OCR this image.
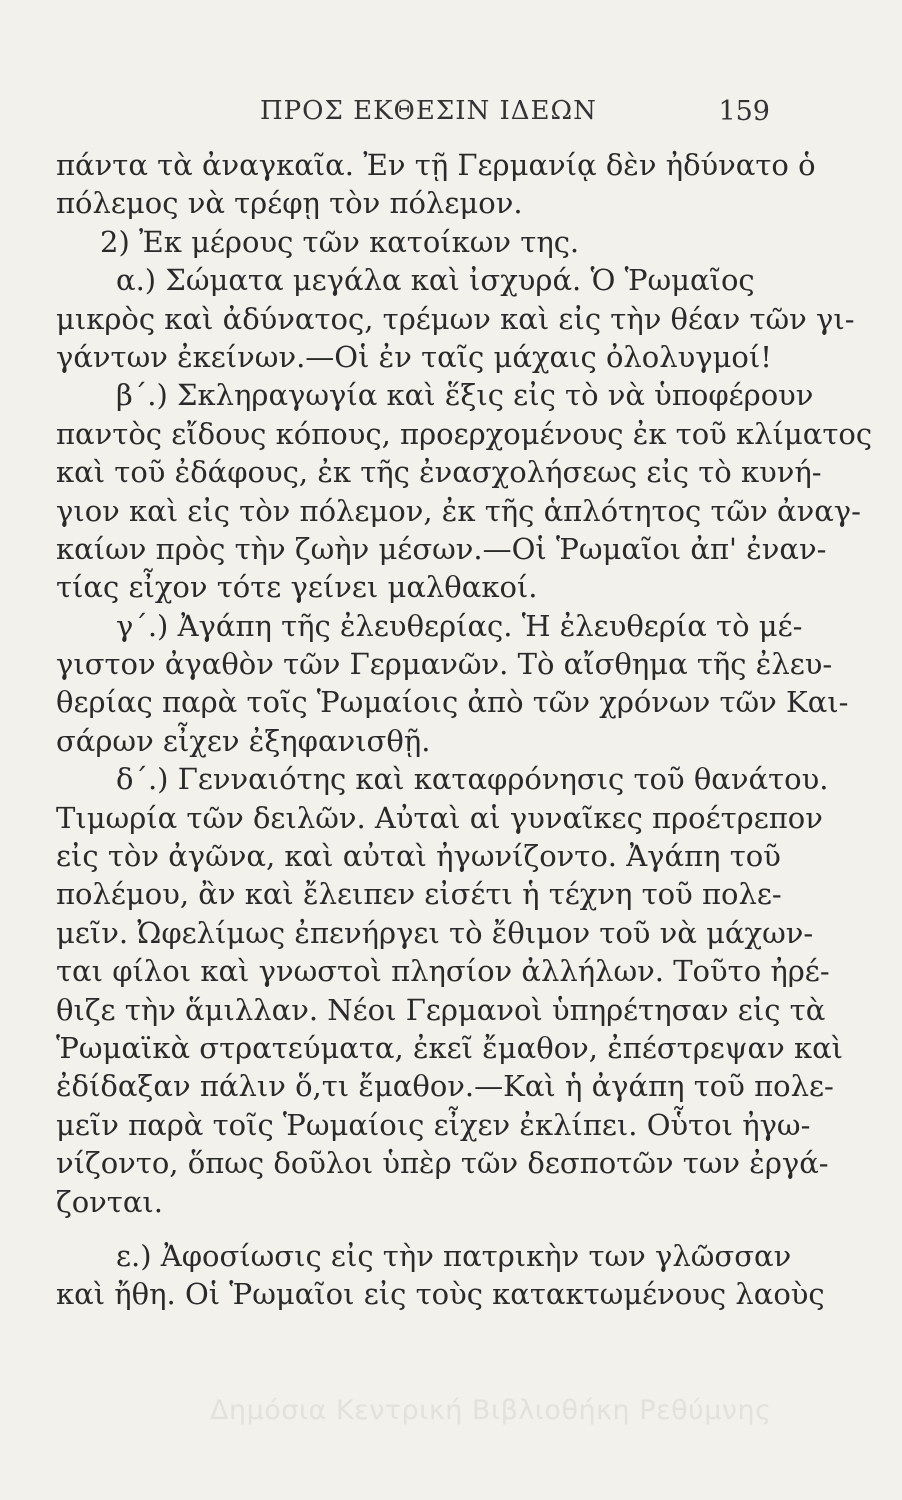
ΠΡΟΣ ΕΚΘΕΣΙΝ ΙΔΕΩΝ	159
πάντα τὰ ἀναγκαῖα. Ἐν τῇ Γερμανίᾳ δὲν ἠδύνατο ὁ
πόλεμος νὰ τρέφῃ τὸν πόλεμον.
2) Ἐκ μέρους τῶν κατοίκων της.
α.) Σώματα μεγάλα καὶ ἰσχυρά. Ὁ Ῥωμαῖος
μικρὸς καὶ ἀδύνατος, τρέμων καὶ εἰς τὴν θέαν τῶν γι-
γάντων ἐκείνων.—Οἱ ἐν ταῖς μάχαις ὀλολυγμοί!
β΄.) Σκληραγωγία καὶ ἕξις εἰς τὸ νὰ ὑποφέρουν
παντὸς εἴδους κόπους, προερχομένους ἐκ τοῦ κλίματος
καὶ τοῦ ἐδάφους, ἐκ τῆς ἐνασχολήσεως εἰς τὸ κυνή-
γιον καὶ εἰς τὸν πόλεμον, ἐκ τῆς ἁπλότητος τῶν ἀναγ-
καίων πρὸς τὴν ζωὴν μέσων.—Οἱ Ῥωμαῖοι ἀπ' ἐναν-
τίας εἶχον τότε γείνει μαλθακοί.
γ΄.) Ἀγάπη τῆς ἐλευθερίας. Ἡ ἐλευθερία τὸ μέ-
γιστον ἀγαθὸν τῶν Γερμανῶν. Τὸ αἴσθημα τῆς ἐλευ-
θερίας παρὰ τοῖς Ῥωμαίοις ἀπὸ τῶν χρόνων τῶν Και-
σάρων εἶχεν ἐξηφανισθῇ.
δ΄.) Γενναιότης καὶ καταφρόνησις τοῦ θανάτου.
Τιμωρία τῶν δειλῶν. Αὐταὶ αἱ γυναῖκες προέτρεπον
εἰς τὸν ἀγῶνα, καὶ αὐταὶ ἠγωνίζοντο. Ἀγάπη τοῦ
πολέμου, ἂν καὶ ἔλειπεν εἰσέτι ἡ τέχνη τοῦ πολε-
μεῖν. Ὠφελίμως ἐπενήργει τὸ ἔθιμον τοῦ νὰ μάχων-
ται φίλοι καὶ γνωστοὶ πλησίον ἀλλήλων. Τοῦτο ἠρέ-
θιζε τὴν ἅμιλλαν. Νέοι Γερμανοὶ ὑπηρέτησαν εἰς τὰ
Ῥωμαϊκὰ στρατεύματα, ἐκεῖ ἔμαθον, ἐπέστρεψαν καὶ
ἐδίδαξαν πάλιν ὅ,τι ἔμαθον.—Καὶ ἡ ἀγάπη τοῦ πολε-
μεῖν παρὰ τοῖς Ῥωμαίοις εἶχεν ἐκλίπει. Οὗτοι ἠγω-
νίζοντο, ὅπως δοῦλοι ὑπὲρ τῶν δεσποτῶν των ἐργά-
ζονται.
ε.) Ἀφοσίωσις εἰς τὴν πατρικὴν των γλῶσσαν
καὶ ἤθη. Οἱ Ῥωμαῖοι εἰς τοὺς κατακτωμένους λαοὺς
Δημόσια Κεντρική Βιβλιοθήκη Ρεθύμνης
